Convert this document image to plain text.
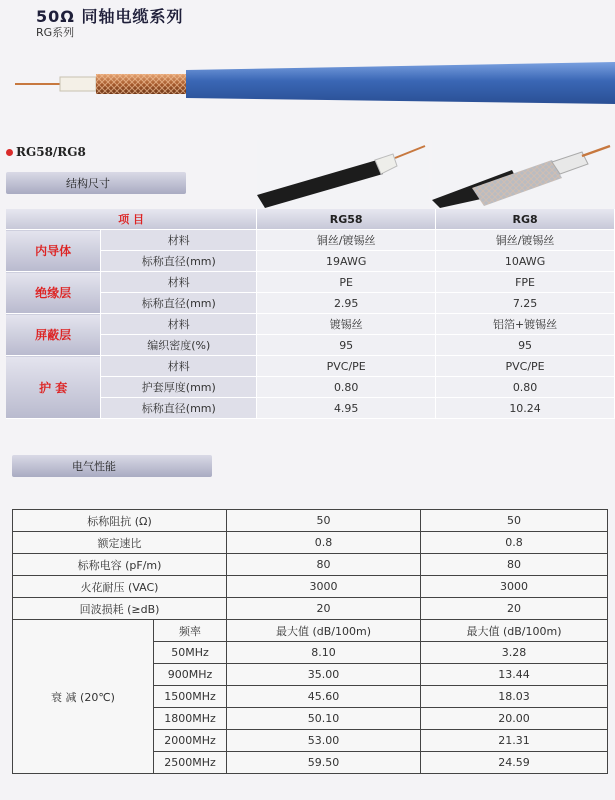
50Ω 同轴电缆系列
RG系列
RG58/RG8
结构尺寸
项 目		RG58	RG8
内导体	材料	铜丝/镀锡丝	铜丝/镀锡丝
	标称直径(mm)	19AWG	10AWG
绝缘层	材料	PE	FPE
	标称直径(mm)	2.95	7.25
屏蔽层	材料	镀锡丝	铝箔+镀锡丝
	编织密度(%)	95	95
护 套	材料	PVC/PE	PVC/PE
	护套厚度(mm)	0.80	0.80
	标称直径(mm)	4.95	10.24
电气性能
标称阻抗 (Ω)		50	50
额定速比		0.8	0.8
标称电容 (pF/m)		80	80
火花耐压 (VAC)		3000	3000
回波损耗 (≥dB)		20	20
衰 减 (20℃)	频率	最大值 (dB/100m)	最大值 (dB/100m)
	50MHz	8.10	3.28
	900MHz	35.00	13.44
	1500MHz	45.60	18.03
	1800MHz	50.10	20.00
	2000MHz	53.00	21.31
	2500MHz	59.50	24.59
